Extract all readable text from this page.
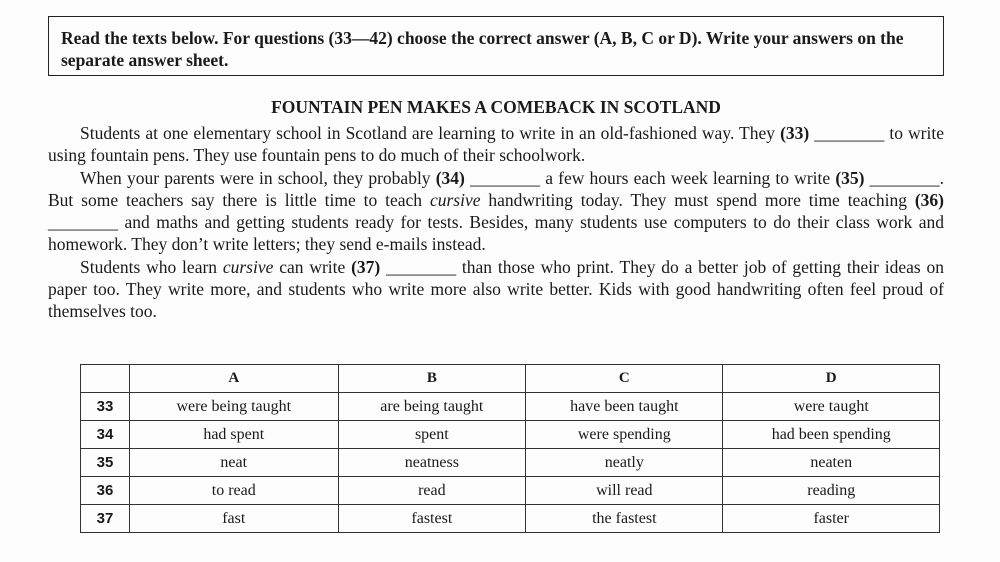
Read the texts below. For questions (33—42) choose the correct answer (A, B, C or D). Write your answers on the separate answer sheet.
FOUNTAIN PEN MAKES A COMEBACK IN SCOTLAND

Students at one elementary school in Scotland are learning to write in an old-fashioned way. They (33) ________ to write using fountain pens. They use fountain pens to do much of their schoolwork.

When your parents were in school, they probably (34) ________ a few hours each week learning to write (35) ________. But some teachers say there is little time to teach cursive handwriting today. They must spend more time teaching (36) ________ and maths and getting students ready for tests. Besides, many students use computers to do their class work and homework. They don’t write letters; they send e-mails instead.

Students who learn cursive can write (37) ________ than those who print. They do a better job of getting their ideas on paper too. They write more, and students who write more also write better. Kids with good handwriting often feel proud of themselves too.

	A	B	C	D
33	were being taught	are being taught	have been taught	were taught
34	had spent	spent	were spending	had been spending
35	neat	neatness	neatly	neaten
36	to read	read	will read	reading
37	fast	fastest	the fastest	faster
